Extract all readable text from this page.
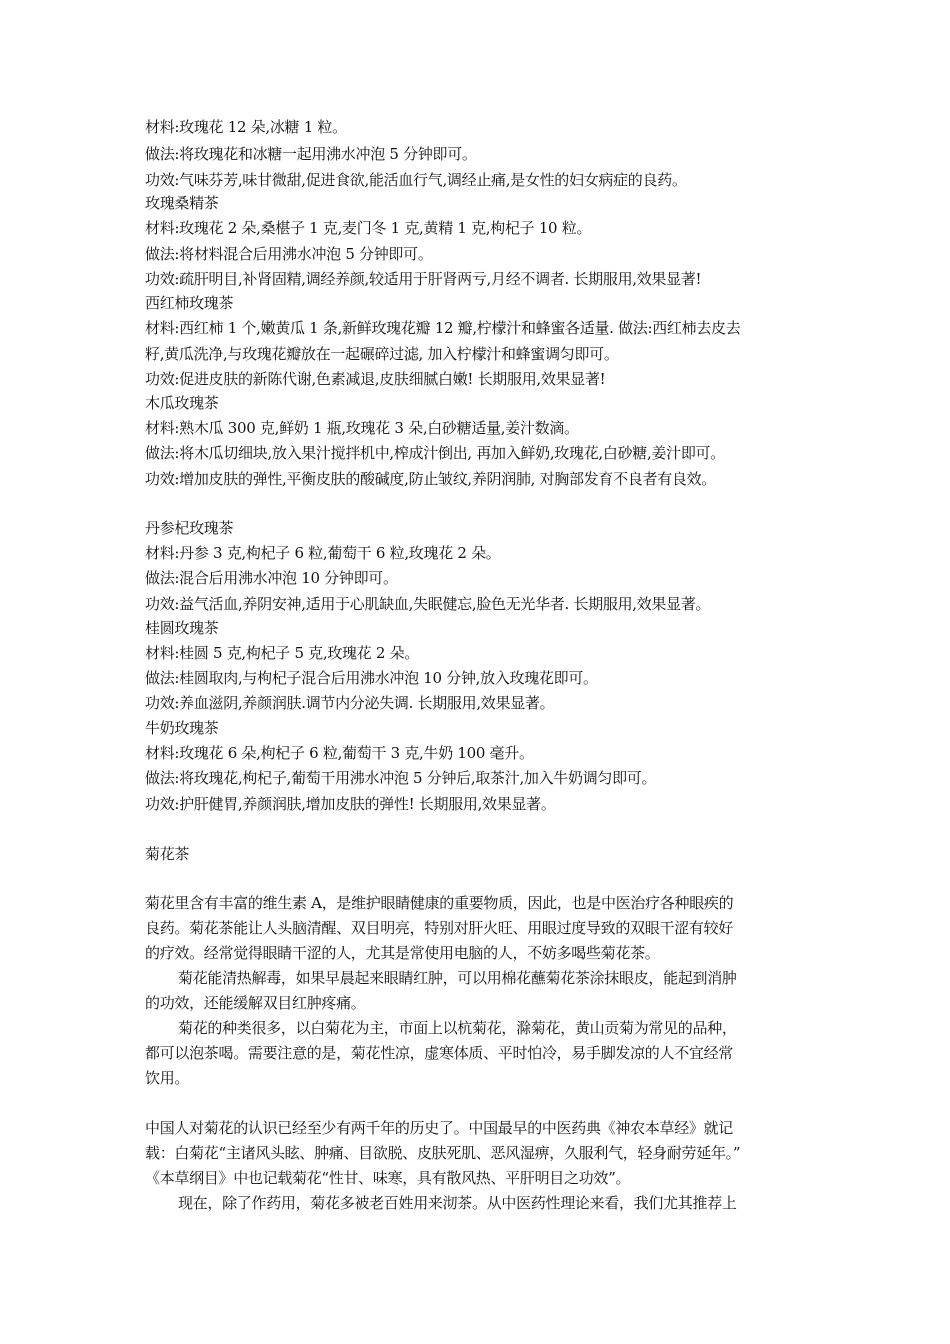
材料:玫瑰花 12 朵,冰糖 1 粒。
做法:将玫瑰花和冰糖一起用沸水冲泡 5 分钟即可。
功效:气味芬芳,味甘微甜,促进食欲,能活血行气,调经止痛,是女性的妇女病症的良药。
玫瑰桑精茶
材料:玫瑰花 2 朵,桑椹子 1 克,麦门冬 1 克,黄精 1 克,枸杞子 10 粒。
做法:将材料混合后用沸水冲泡 5 分钟即可。
功效:疏肝明目,补肾固精,调经养颜,较适用于肝肾两亏,月经不调者. 长期服用,效果显著!
西红柿玫瑰茶
材料:西红柿 1 个,嫩黄瓜 1 条,新鲜玫瑰花瓣 12 瓣,柠檬汁和蜂蜜各适量. 做法:西红柿去皮去
籽,黄瓜洗净,与玫瑰花瓣放在一起碾碎过滤, 加入柠檬汁和蜂蜜调匀即可。
功效:促进皮肤的新陈代谢,色素减退,皮肤细腻白嫩! 长期服用,效果显著!
木瓜玫瑰茶
材料:熟木瓜 300 克,鲜奶 1 瓶,玫瑰花 3 朵,白砂糖适量,姜汁数滴。
做法:将木瓜切细块,放入果汁搅拌机中,榨成汁倒出, 再加入鲜奶,玫瑰花,白砂糖,姜汁即可。
功效:增加皮肤的弹性,平衡皮肤的酸碱度,防止皱纹,养阴润肺, 对胸部发育不良者有良效。
丹参杞玫瑰茶
材料:丹参 3 克,枸杞子 6 粒,葡萄干 6 粒,玫瑰花 2 朵。
做法:混合后用沸水冲泡 10 分钟即可。
功效:益气活血,养阴安神,适用于心肌缺血,失眠健忘,脸色无光华者. 长期服用,效果显著。
桂圆玫瑰茶
材料:桂圆 5 克,枸杞子 5 克,玫瑰花 2 朵。
做法:桂圆取肉,与枸杞子混合后用沸水冲泡 10 分钟,放入玫瑰花即可。
功效:养血滋阴,养颜润肤.调节内分泌失调. 长期服用,效果显著。
牛奶玫瑰茶
材料:玫瑰花 6 朵,枸杞子 6 粒,葡萄干 3 克,牛奶 100 毫升。
做法:将玫瑰花,枸杞子,葡萄干用沸水冲泡 5 分钟后,取茶汁,加入牛奶调匀即可。
功效:护肝健胃,养颜润肤,增加皮肤的弹性! 长期服用,效果显著。
菊花茶
菊花里含有丰富的维生素 A，是维护眼睛健康的重要物质，因此，也是中医治疗各种眼疾的
良药。菊花茶能让人头脑清醒、双目明亮，特别对肝火旺、用眼过度导致的双眼干涩有较好
的疗效。经常觉得眼睛干涩的人，尤其是常使用电脑的人，不妨多喝些菊花茶。
菊花能清热解毒，如果早晨起来眼睛红肿，可以用棉花蘸菊花茶涂抹眼皮，能起到消肿
的功效，还能缓解双目红肿疼痛。
菊花的种类很多，以白菊花为主，市面上以杭菊花，滁菊花，黄山贡菊为常见的品种，
都可以泡茶喝。需要注意的是，菊花性凉，虚寒体质、平时怕冷，易手脚发凉的人不宜经常
饮用。
中国人对菊花的认识已经至少有两千年的历史了。中国最早的中医药典《神农本草经》就记
载：白菊花“主诸风头眩、肿痛、目欲脱、皮肤死肌、恶风湿痹，久服利气，轻身耐劳延年。”
《本草纲目》中也记载菊花“性甘、味寒，具有散风热、平肝明目之功效”。
现在，除了作药用，菊花多被老百姓用来沏茶。从中医药性理论来看，我们尤其推荐上
